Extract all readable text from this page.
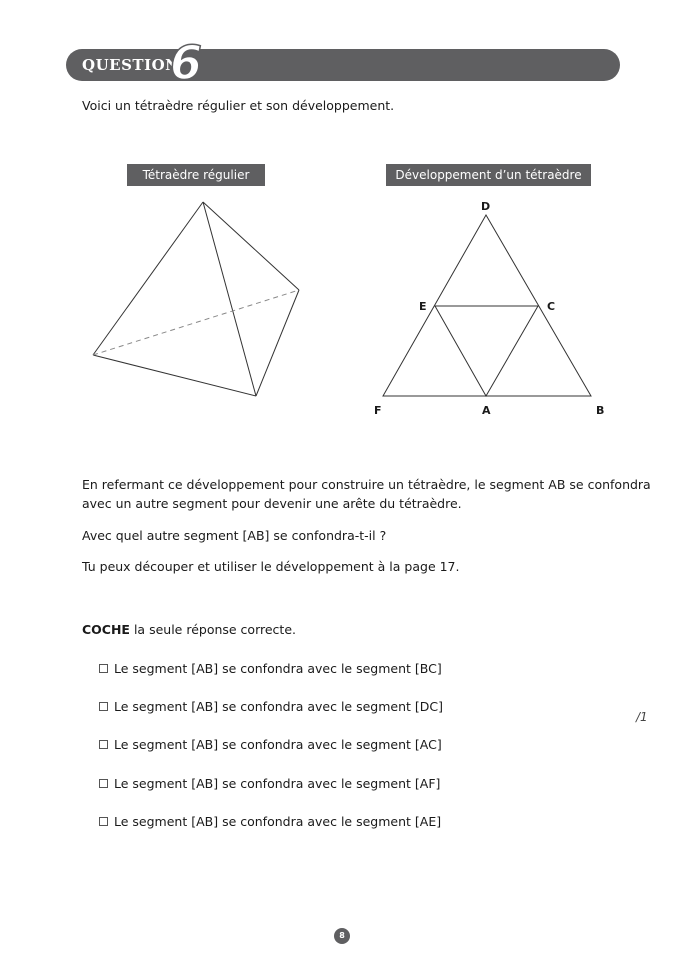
QUESTION
6
Voici un tétraèdre régulier et son développement.
Tétraèdre régulier	Développement d’un tétraèdre
D
E	C
F	A	B
En refermant ce développement pour construire un tétraèdre, le segment AB se confondra
avec un autre segment pour devenir une arête du tétraèdre.
Avec quel autre segment [AB] se confondra-t-il ?
Tu peux découper et utiliser le développement à la page 17.
COCHE la seule réponse correcte.
Le segment [AB] se confondra avec le segment [BC]
Le segment [AB] se confondra avec le segment [DC]
Le segment [AB] se confondra avec le segment [AC]
Le segment [AB] se confondra avec le segment [AF]
Le segment [AB] se confondra avec le segment [AE]
/1
8
